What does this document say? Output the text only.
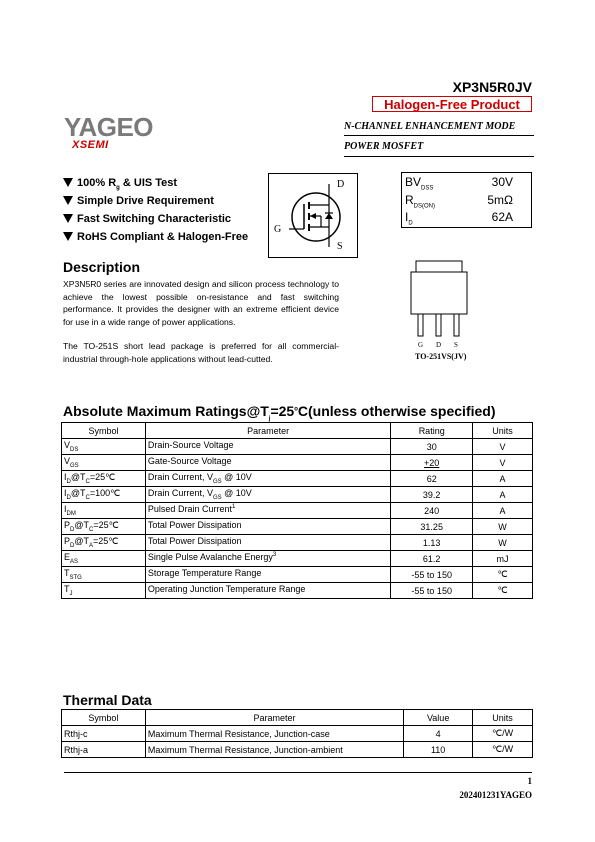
XP3N5R0JV
Halogen-Free Product
YAGEO
XSEMI
N-CHANNEL ENHANCEMENT MODE
POWER MOSFET
100% $R_g$ & UIS Test
Simple Drive Requirement
Fast Switching Characteristic
RoHS Compliant & Halogen-Free
D
G
S
$BV_{DSS}$	30V
$R_{DS(ON)}$	5mΩ
$I_D$	62A
Description
XP3N5R0 series are innovated design and silicon process technology to achieve the lowest possible on-resistance and fast switching performance. It provides the designer with an extreme efficient device for use in a wide range of power applications.
The TO-251S short lead package is preferred for all commercial-industrial through-hole applications without lead-cutted.
G D S
TO-251VS(JV)
Absolute Maximum $Ratings@T_j=25^oC(unless$ otherwise specified)
Symbol	Parameter	Rating	Units
$V_{DS}$	Drain-Source Voltage	30	V
$V_{GS}$	Gate-Source Voltage	+20	V
$I_D@T_C=25℃$	Drain Current, $V_{GS}$ @ 10V	62	A
$I_D@T_C=100℃$	Drain Current, $V_{GS}$ @ 10V	39.2	A
$I_{DM}$	Pulsed Drain Current$^1$	240	A
$P_D@T_C=25℃$	Total Power Dissipation	31.25	W
$P_D@T_A=25℃$	Total Power Dissipation	1.13	W
$E_{AS}$	Single Pulse Avalanche Energy$^3$	61.2	mJ
$T_{STG}$	Storage Temperature Range	-55 to 150	℃
$T_J$	Operating Junction Temperature Range	-55 to 150	℃
Thermal Data
Symbol	Parameter	Value	Units
Rthj-c	Maximum Thermal Resistance, Junction-case	4	℃/W
Rthj-a	Maximum Thermal Resistance, Junction-ambient	110	℃/W
1
202401231YAGEO
